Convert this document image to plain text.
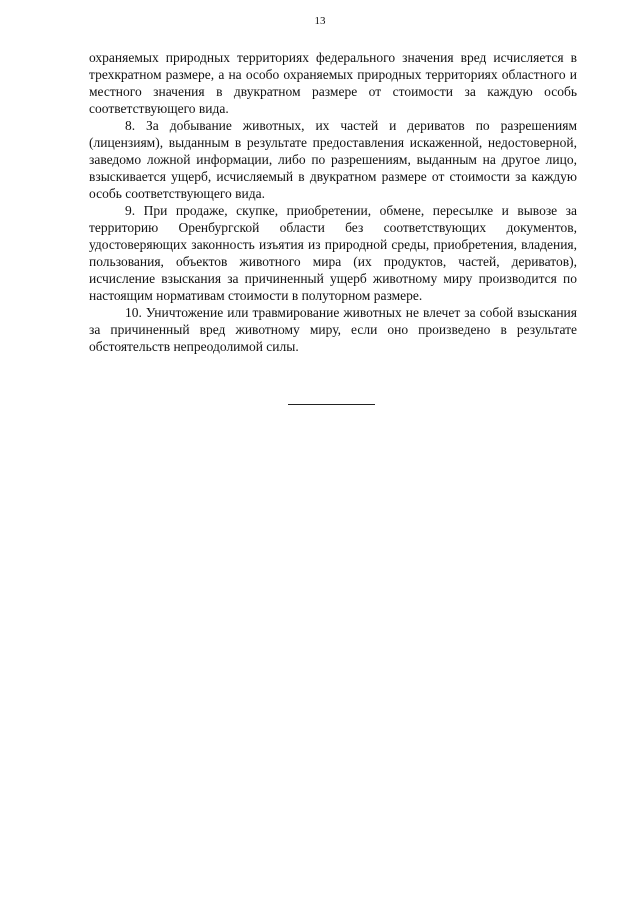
13

охраняемых природных территориях федерального значения вред исчисляется в трехкратном размере, а на особо охраняемых природных территориях областного и местного значения в двукратном размере от стоимости за каждую особь соответствующего вида.

8. За добывание животных, их частей и дериватов по разрешениям (лицензиям), выданным в результате предоставления искаженной, недостоверной, заведомо ложной информации, либо по разрешениям, выданным на другое лицо, взыскивается ущерб, исчисляемый в двукратном размере от стоимости за каждую особь соответствующего вида.

9. При продаже, скупке, приобретении, обмене, пересылке и вывозе за территорию Оренбургской области без соответствующих документов, удостоверяющих законность изъятия из природной среды, приобретения, владения, пользования, объектов животного мира (их продуктов, частей, дериватов), исчисление взыскания за причиненный ущерб животному миру производится по настоящим нормативам стоимости в полуторном размере.

10. Уничтожение или травмирование животных не влечет за собой взыскания за причиненный вред животному миру, если оно произведено в результате обстоятельств непреодолимой силы.
